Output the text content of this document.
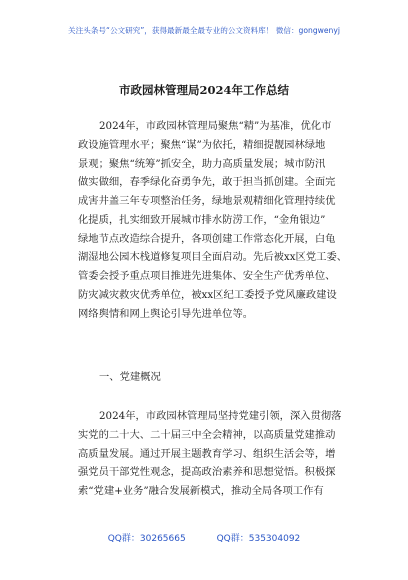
关注头条号“公文研究”，获得最新最全最专业的公文资料库！ 微信：gongwenyj
市政园林管理局2024年工作总结
2024年，市政园林管理局聚焦“精”为基准，优化市
政设施管理水平；聚焦“谋”为依托，精细提靓园林绿地
景观；聚焦“统筹”抓安全，助力高质量发展；城市防汛
做实做细，春季绿化奋勇争先，敢于担当抓创建。全面完
成害井盖三年专项整治任务，绿地景观精细化管理持续优
化提质，扎实细致开展城市排水防涝工作，“金角银边”
绿地节点改造综合提升，各项创建工作常态化开展，白龟
湖湿地公园木栈道修复项目全面启动。先后被xx区党工委、
管委会授予重点项目推进先进集体、安全生产优秀单位、
防灾减灾救灾优秀单位，被xx区纪工委授予党风廉政建设
网络舆情和网上舆论引导先进单位等。
一、党建概况
2024年，市政园林管理局坚持党建引领，深入贯彻落
实党的二十大、二十届三中全会精神，以高质量党建推动
高质量发展。通过开展主题教育学习、组织生活会等，增
强党员干部党性观念，提高政治素养和思想觉悟。积极探
索“党建+业务”融合发展新模式，推动全局各项工作有
QQ群：30265665	QQ群：535304092
